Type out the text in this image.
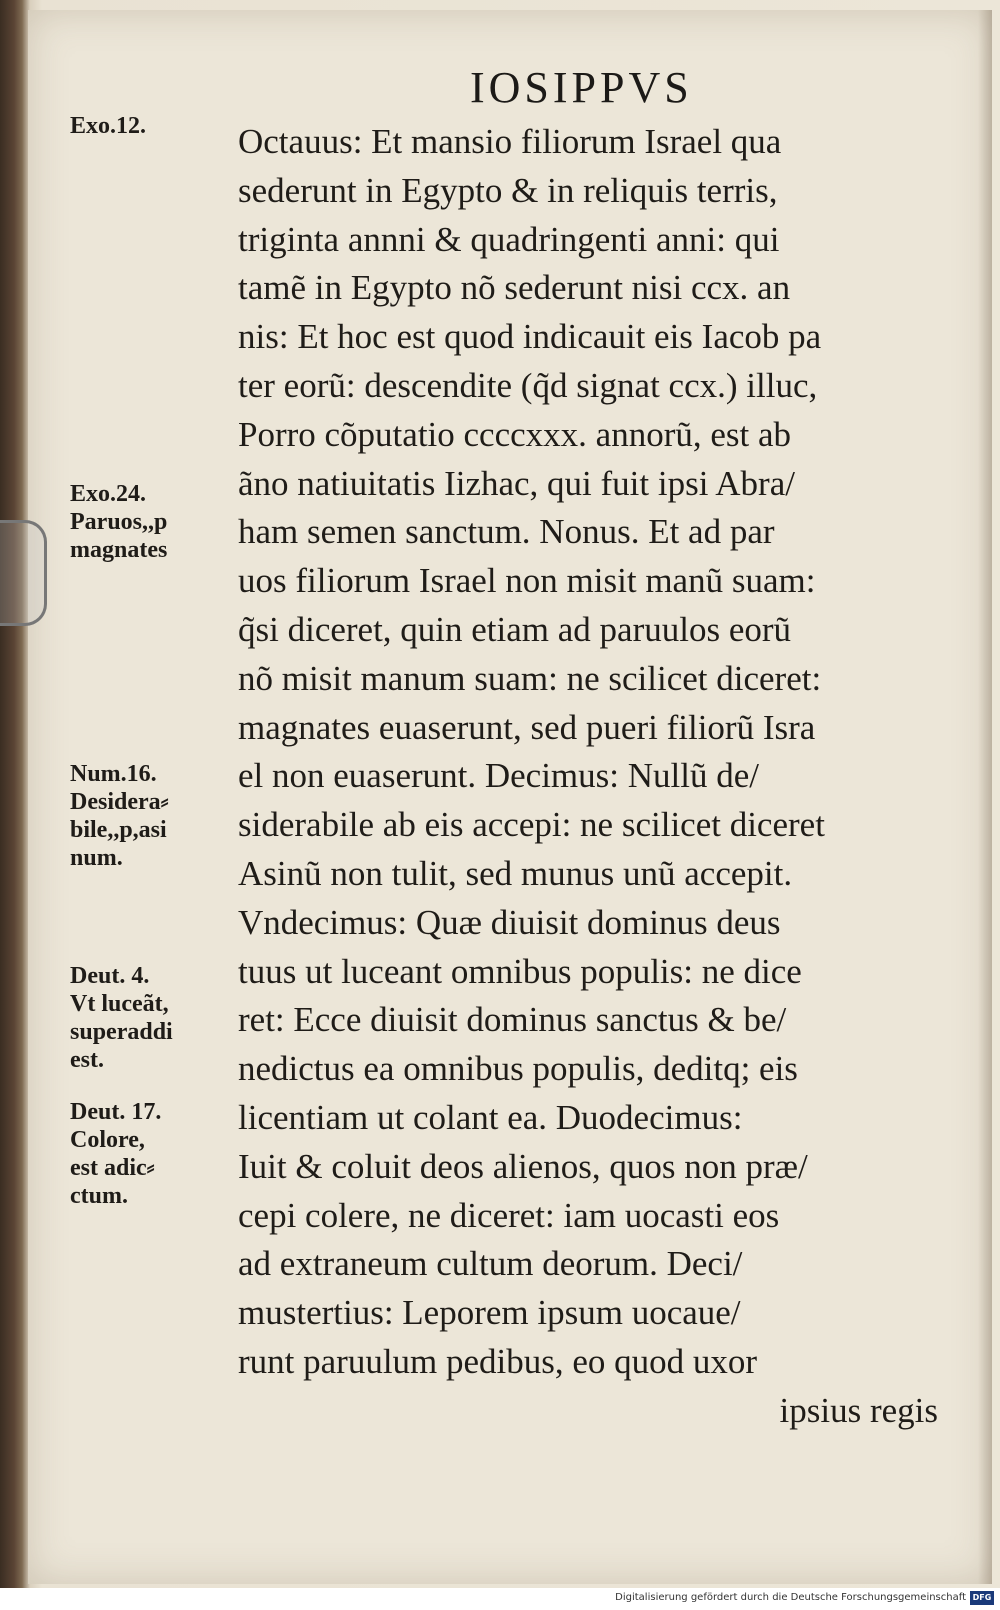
IOSIPPVS
Exo.12.
Exo.24.
Paruos,,p
magnates
Num.16.
Desidera⸗
bile,,p,asi
num.
Deut. 4.
Vt luceãt,
superaddi
est.
Deut. 17.
Colore,
est adic⸗
ctum.
Octauus: Et mansio filiorum Israel qua
sederunt in Egypto & in reliquis terris,
triginta annni & quadringenti anni: qui
tamẽ in Egypto nõ sederunt nisi ccx. an
nis: Et hoc est quod indicauit eis Iacob pa
ter eorũ: descendite (q̃d signat ccx.) illuc,
Porro cõputatio ccccxxx. annorũ, est ab
ãno natiuitatis Iizhac, qui fuit ipsi Abra/
ham semen sanctum. Nonus. Et ad par
uos filiorum Israel non misit manũ suam:
q̃si diceret, quin etiam ad paruulos eorũ
nõ misit manum suam: ne scilicet diceret:
magnates euaserunt, sed pueri filiorũ Isra
el non euaserunt. Decimus: Nullũ de/
siderabile ab eis accepi: ne scilicet diceret
Asinũ non tulit, sed munus unũ accepit.
Vndecimus: Quæ diuisit dominus deus
tuus ut luceant omnibus populis: ne dice
ret: Ecce diuisit dominus sanctus & be/
nedictus ea omnibus populis, deditq; eis
licentiam ut colant ea. Duodecimus:
Iuit & coluit deos alienos, quos non præ/
cepi colere, ne diceret: iam uocasti eos
ad extraneum cultum deorum. Deci/
mustertius: Leporem ipsum uocaue/
runt paruulum pedibus, eo quod uxor
ipsius regis
Digitalisierung gefördert durch die Deutsche Forschungsgemeinschaft DFG
